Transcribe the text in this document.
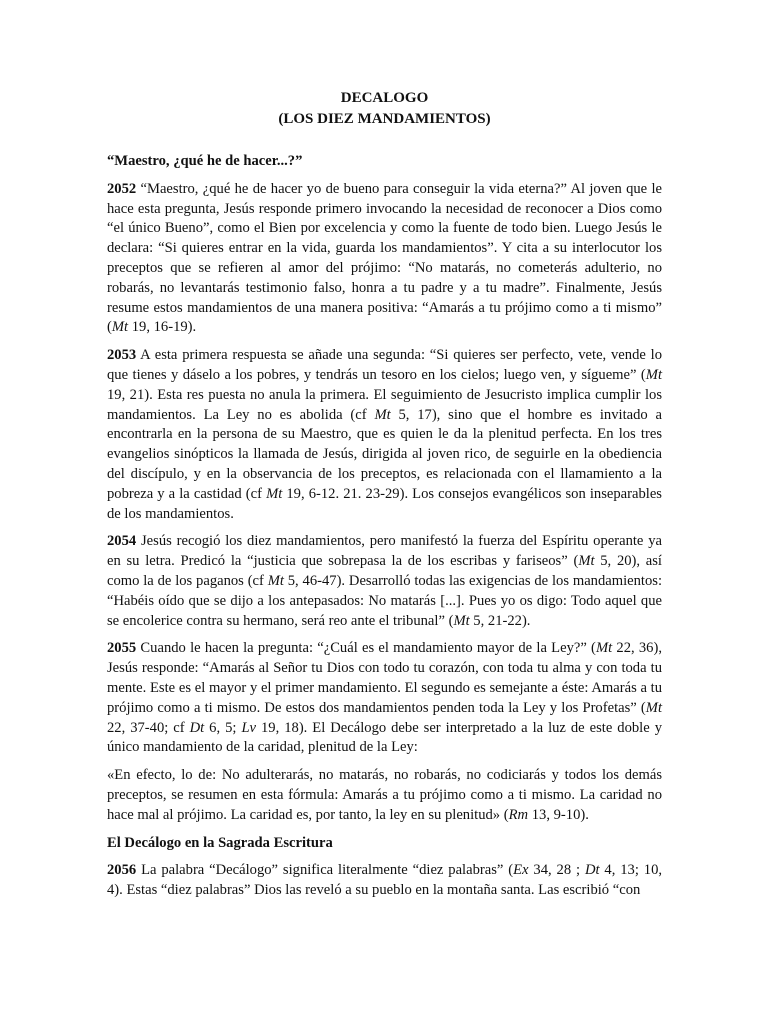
DECALOGO
(LOS DIEZ MANDAMIENTOS)
“Maestro, ¿qué he de hacer...?”

2052 “Maestro, ¿qué he de hacer yo de bueno para conseguir la vida eterna?” Al joven que le hace esta pregunta, Jesús responde primero invocando la necesidad de reconocer a Dios como “el único Bueno”, como el Bien por excelencia y como la fuente de todo bien. Luego Jesús le declara: “Si quieres entrar en la vida, guarda los mandamientos”. Y cita a su interlocutor los preceptos que se refieren al amor del prójimo: “No matarás, no cometerás adulterio, no robarás, no levantarás testimonio falso, honra a tu padre y a tu madre”. Finalmente, Jesús resume estos mandamientos de una manera positiva: “Amarás a tu prójimo como a ti mismo” (Mt 19, 16-19).

2053 A esta primera respuesta se añade una segunda: “Si quieres ser perfecto, vete, vende lo que tienes y dáselo a los pobres, y tendrás un tesoro en los cielos; luego ven, y sígueme” (Mt 19, 21). Esta res puesta no anula la primera. El seguimiento de Jesucristo implica cumplir los mandamientos. La Ley no es abolida (cf Mt 5, 17), sino que el hombre es invitado a encontrarla en la persona de su Maestro, que es quien le da la plenitud perfecta. En los tres evangelios sinópticos la llamada de Jesús, dirigida al joven rico, de seguirle en la obediencia del discípulo, y en la observancia de los preceptos, es relacionada con el llamamiento a la pobreza y a la castidad (cf Mt 19, 6-12. 21. 23-29). Los consejos evangélicos son inseparables de los mandamientos.

2054 Jesús recogió los diez mandamientos, pero manifestó la fuerza del Espíritu operante ya en su letra. Predicó la “justicia que sobrepasa la de los escribas y fariseos” (Mt 5, 20), así como la de los paganos (cf Mt 5, 46-47). Desarrolló todas las exigencias de los mandamientos: “Habéis oído que se dijo a los antepasados: No matarás [...]. Pues yo os digo: Todo aquel que se encolerice contra su hermano, será reo ante el tribunal” (Mt 5, 21-22).

2055 Cuando le hacen la pregunta: “¿Cuál es el mandamiento mayor de la Ley?” (Mt 22, 36), Jesús responde: “Amarás al Señor tu Dios con todo tu corazón, con toda tu alma y con toda tu mente. Este es el mayor y el primer mandamiento. El segundo es semejante a éste: Amarás a tu prójimo como a ti mismo. De estos dos mandamientos penden toda la Ley y los Profetas” (Mt 22, 37-40; cf Dt 6, 5; Lv 19, 18). El Decálogo debe ser interpretado a la luz de este doble y único mandamiento de la caridad, plenitud de la Ley:

«En efecto, lo de: No adulterarás, no matarás, no robarás, no codiciarás y todos los demás preceptos, se resumen en esta fórmula: Amarás a tu prójimo como a ti mismo. La caridad no hace mal al prójimo. La caridad es, por tanto, la ley en su plenitud» (Rm 13, 9-10).

El Decálogo en la Sagrada Escritura

2056 La palabra “Decálogo” significa literalmente “diez palabras” (Ex 34, 28 ; Dt 4, 13; 10, 4). Estas “diez palabras” Dios las reveló a su pueblo en la montaña santa. Las escribió “con
